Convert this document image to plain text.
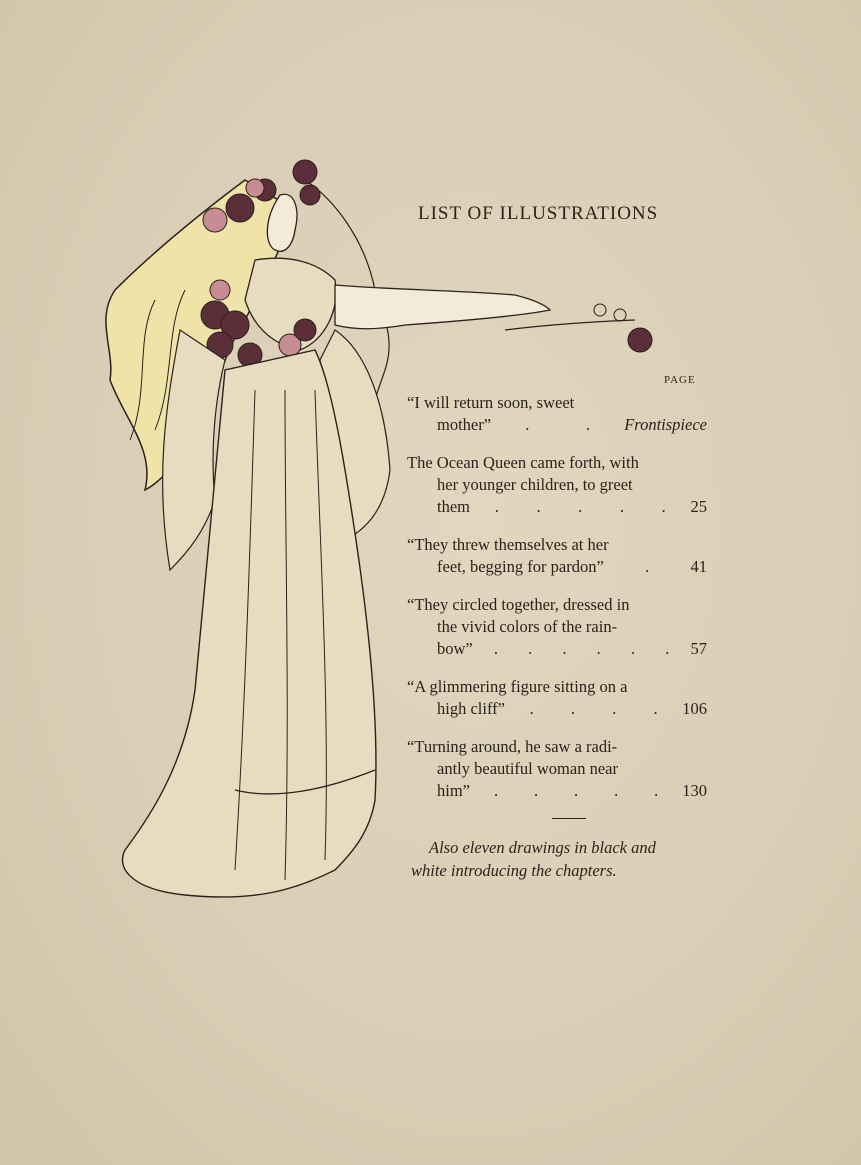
LIST OF ILLUSTRATIONS
PAGE
“I will return soon, sweet
mother” .	. Frontispiece
The Ocean Queen came forth, with
her younger children, to greet
them . . . . . 25
“They threw themselves at her
feet, begging for pardon”	.	41
“They circled together, dressed in
the vivid colors of the rain-
bow” . . . . . . 57
“A glimmering figure sitting on a
high cliff” . . . . 106
“Turning around, he saw a radi-
antly beautiful woman near
him” . . . . . 130
Also eleven drawings in black and
white introducing the chapters.
